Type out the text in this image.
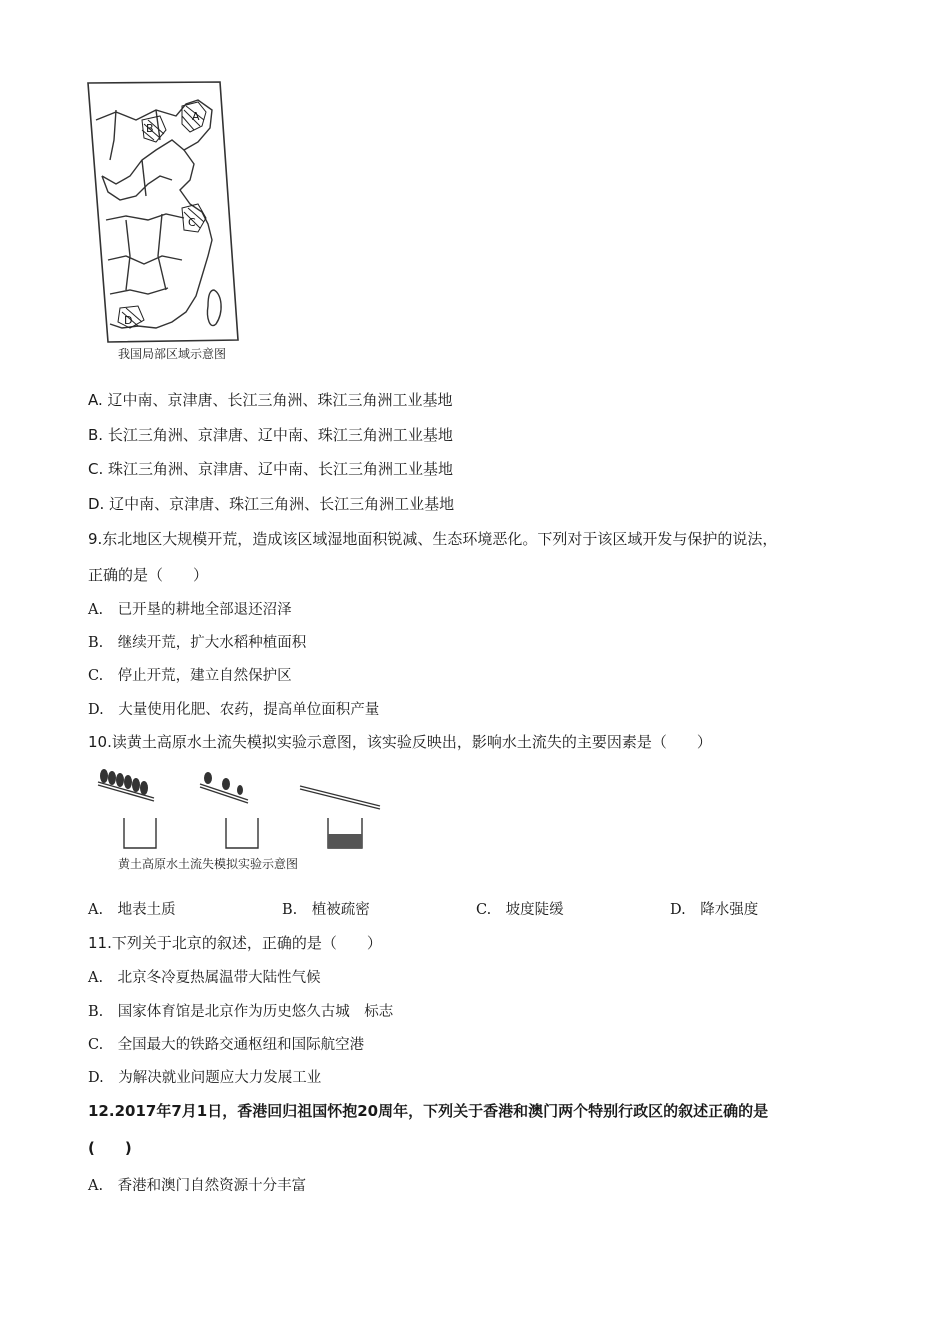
A
B
C
D
我国局部区域示意图
A. 辽中南、京津唐、长江三角洲、珠江三角洲工业基地
B. 长江三角洲、京津唐、辽中南、珠江三角洲工业基地
C. 珠江三角洲、京津唐、辽中南、长江三角洲工业基地
D. 辽中南、京津唐、珠江三角洲、长江三角洲工业基地
9.东北地区大规模开荒，造成该区域湿地面积锐减、生态环境恶化。下列对于该区域开发与保护的说法，
正确的是（　　）
A.　已开垦的耕地全部退还沼泽
B.　继续开荒，扩大水稻种植面积
C.　停止开荒，建立自然保护区
D.　大量使用化肥、农药，提高单位面积产量
10.读黄土高原水土流失模拟实验示意图，该实验反映出，影响水土流失的主要因素是（　　）
黄土高原水土流失模拟实验示意图
A.　地表土质	B.　植被疏密	C.　坡度陡缓	D.　降水强度
11.下列关于北京的叙述，正确的是（　　）
A.　北京冬冷夏热属温带大陆性气候
B.　国家体育馆是北京作为历史悠久古城　标志
C.　全国最大的铁路交通枢纽和国际航空港
D.　为解决就业问题应大力发展工业
12.2017年7月1日，香港回归祖国怀抱20周年，下列关于香港和澳门两个特别行政区的叙述正确的是
(　　)
A.　香港和澳门自然资源十分丰富
